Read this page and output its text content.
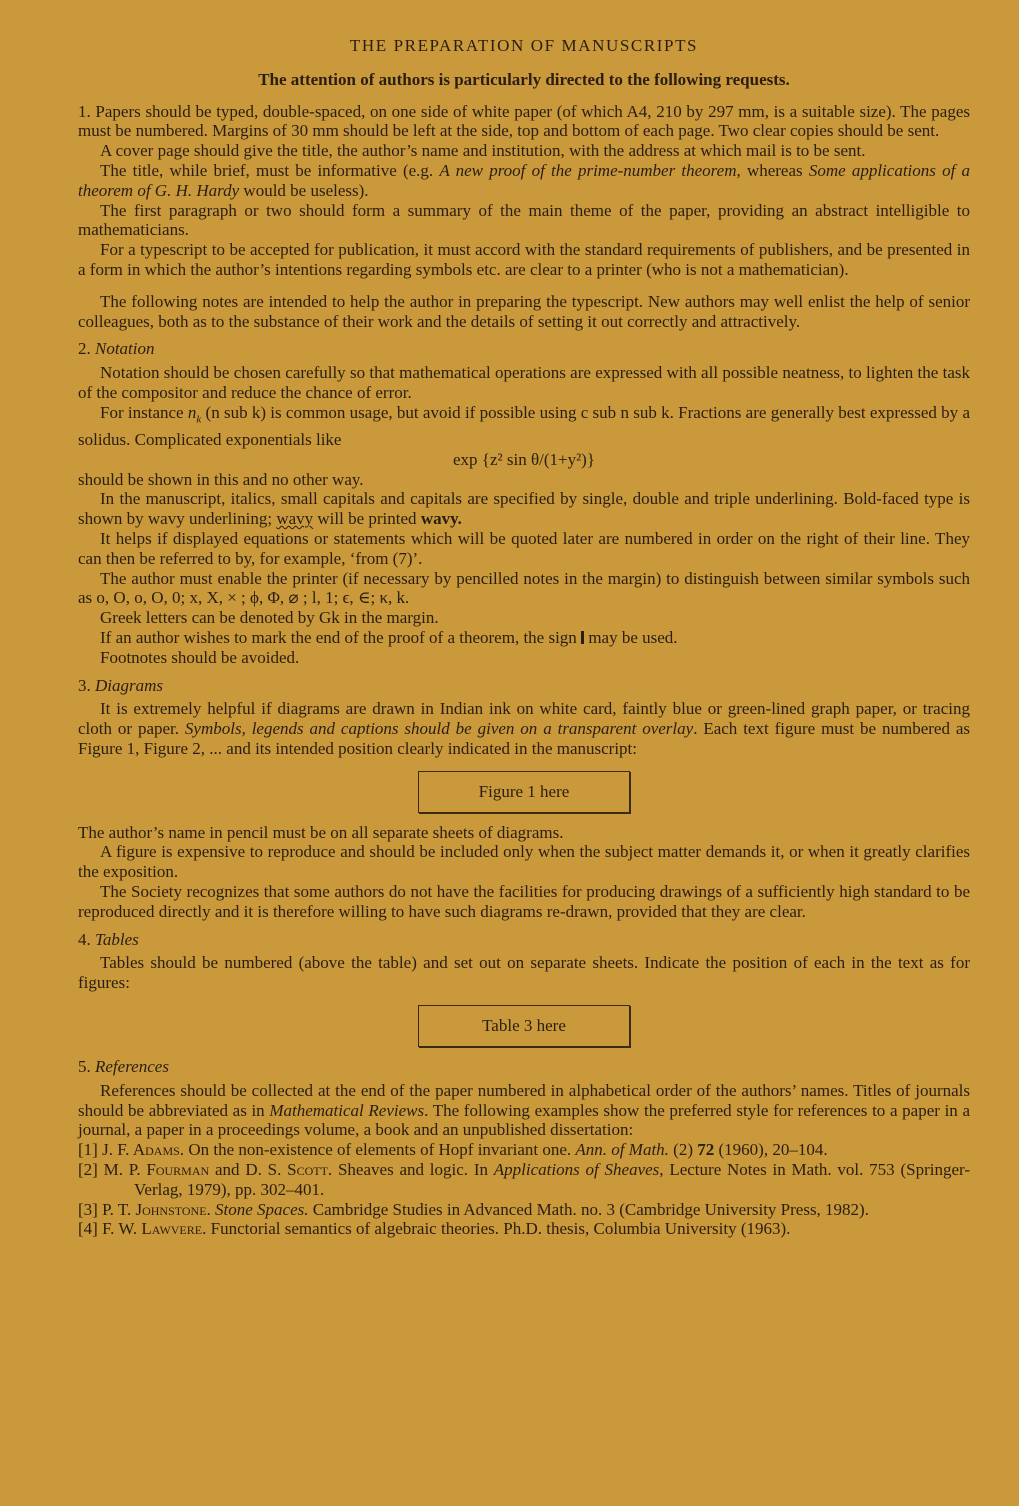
THE PREPARATION OF MANUSCRIPTS
The attention of authors is particularly directed to the following requests.

1. Papers should be typed, double-spaced, on one side of white paper (of which A4, 210 by 297 mm, is a suitable size). The pages must be numbered. Margins of 30 mm should be left at the side, top and bottom of each page. Two clear copies should be sent.

A cover page should give the title, the author’s name and institution, with the address at which mail is to be sent.

The title, while brief, must be informative (e.g. A new proof of the prime-number theorem, whereas Some applications of a theorem of G. H. Hardy would be useless).

The first paragraph or two should form a summary of the main theme of the paper, providing an abstract intelligible to mathematicians.

For a typescript to be accepted for publication, it must accord with the standard requirements of publishers, and be presented in a form in which the author’s intentions regarding symbols etc. are clear to a printer (who is not a mathematician).

The following notes are intended to help the author in preparing the typescript. New authors may well enlist the help of senior colleagues, both as to the substance of their work and the details of setting it out correctly and attractively.

2. Notation

Notation should be chosen carefully so that mathematical operations are expressed with all possible neatness, to lighten the task of the compositor and reduce the chance of error.

For instance $n_k$ (n sub k) is common usage, but avoid if possible using c sub n sub k. Fractions are generally best expressed by a solidus. Complicated exponentials like

exp {z² sin θ/(1+y²)}

should be shown in this and no other way.

In the manuscript, italics, small capitals and capitals are specified by single, double and triple underlining. Bold-faced type is shown by wavy underlining; wavy will be printed wavy.

It helps if displayed equations or statements which will be quoted later are numbered in order on the right of their line. They can then be referred to by, for example, ‘from (7)’.

The author must enable the printer (if necessary by pencilled notes in the margin) to distinguish between similar symbols such as o, O, ο, Ο, 0; x, X, × ; ϕ, Φ, ⌀ ; l, 1; ϵ, ∈; κ, k.

Greek letters can be denoted by Gk in the margin.

If an author wishes to mark the end of the proof of a theorem, the sign  may be used.

Footnotes should be avoided.

3. Diagrams

It is extremely helpful if diagrams are drawn in Indian ink on white card, faintly blue or green-lined graph paper, or tracing cloth or paper. Symbols, legends and captions should be given on a transparent overlay. Each text figure must be numbered as Figure 1, Figure 2, ... and its intended position clearly indicated in the manuscript:

Figure 1 here

The author’s name in pencil must be on all separate sheets of diagrams.

A figure is expensive to reproduce and should be included only when the subject matter demands it, or when it greatly clarifies the exposition.

The Society recognizes that some authors do not have the facilities for producing drawings of a sufficiently high standard to be reproduced directly and it is therefore willing to have such diagrams re-drawn, provided that they are clear.

4. Tables

Tables should be numbered (above the table) and set out on separate sheets. Indicate the position of each in the text as for figures:

Table 3 here
5. References

References should be collected at the end of the paper numbered in alphabetical order of the authors’ names. Titles of journals should be abbreviated as in Mathematical Reviews. The following examples show the preferred style for references to a paper in a journal, a paper in a proceedings volume, a book and an unpublished dissertation:

[1] J. F. Adams. On the non-existence of elements of Hopf invariant one. Ann. of Math. (2) 72 (1960), 20–104.

[2] M. P. Fourman and D. S. Scott. Sheaves and logic. In Applications of Sheaves, Lecture Notes in Math. vol. 753 (Springer-Verlag, 1979), pp. 302–401.

[3] P. T. Johnstone. Stone Spaces. Cambridge Studies in Advanced Math. no. 3 (Cambridge University Press, 1982).

[4] F. W. Lawvere. Functorial semantics of algebraic theories. Ph.D. thesis, Columbia University (1963).
